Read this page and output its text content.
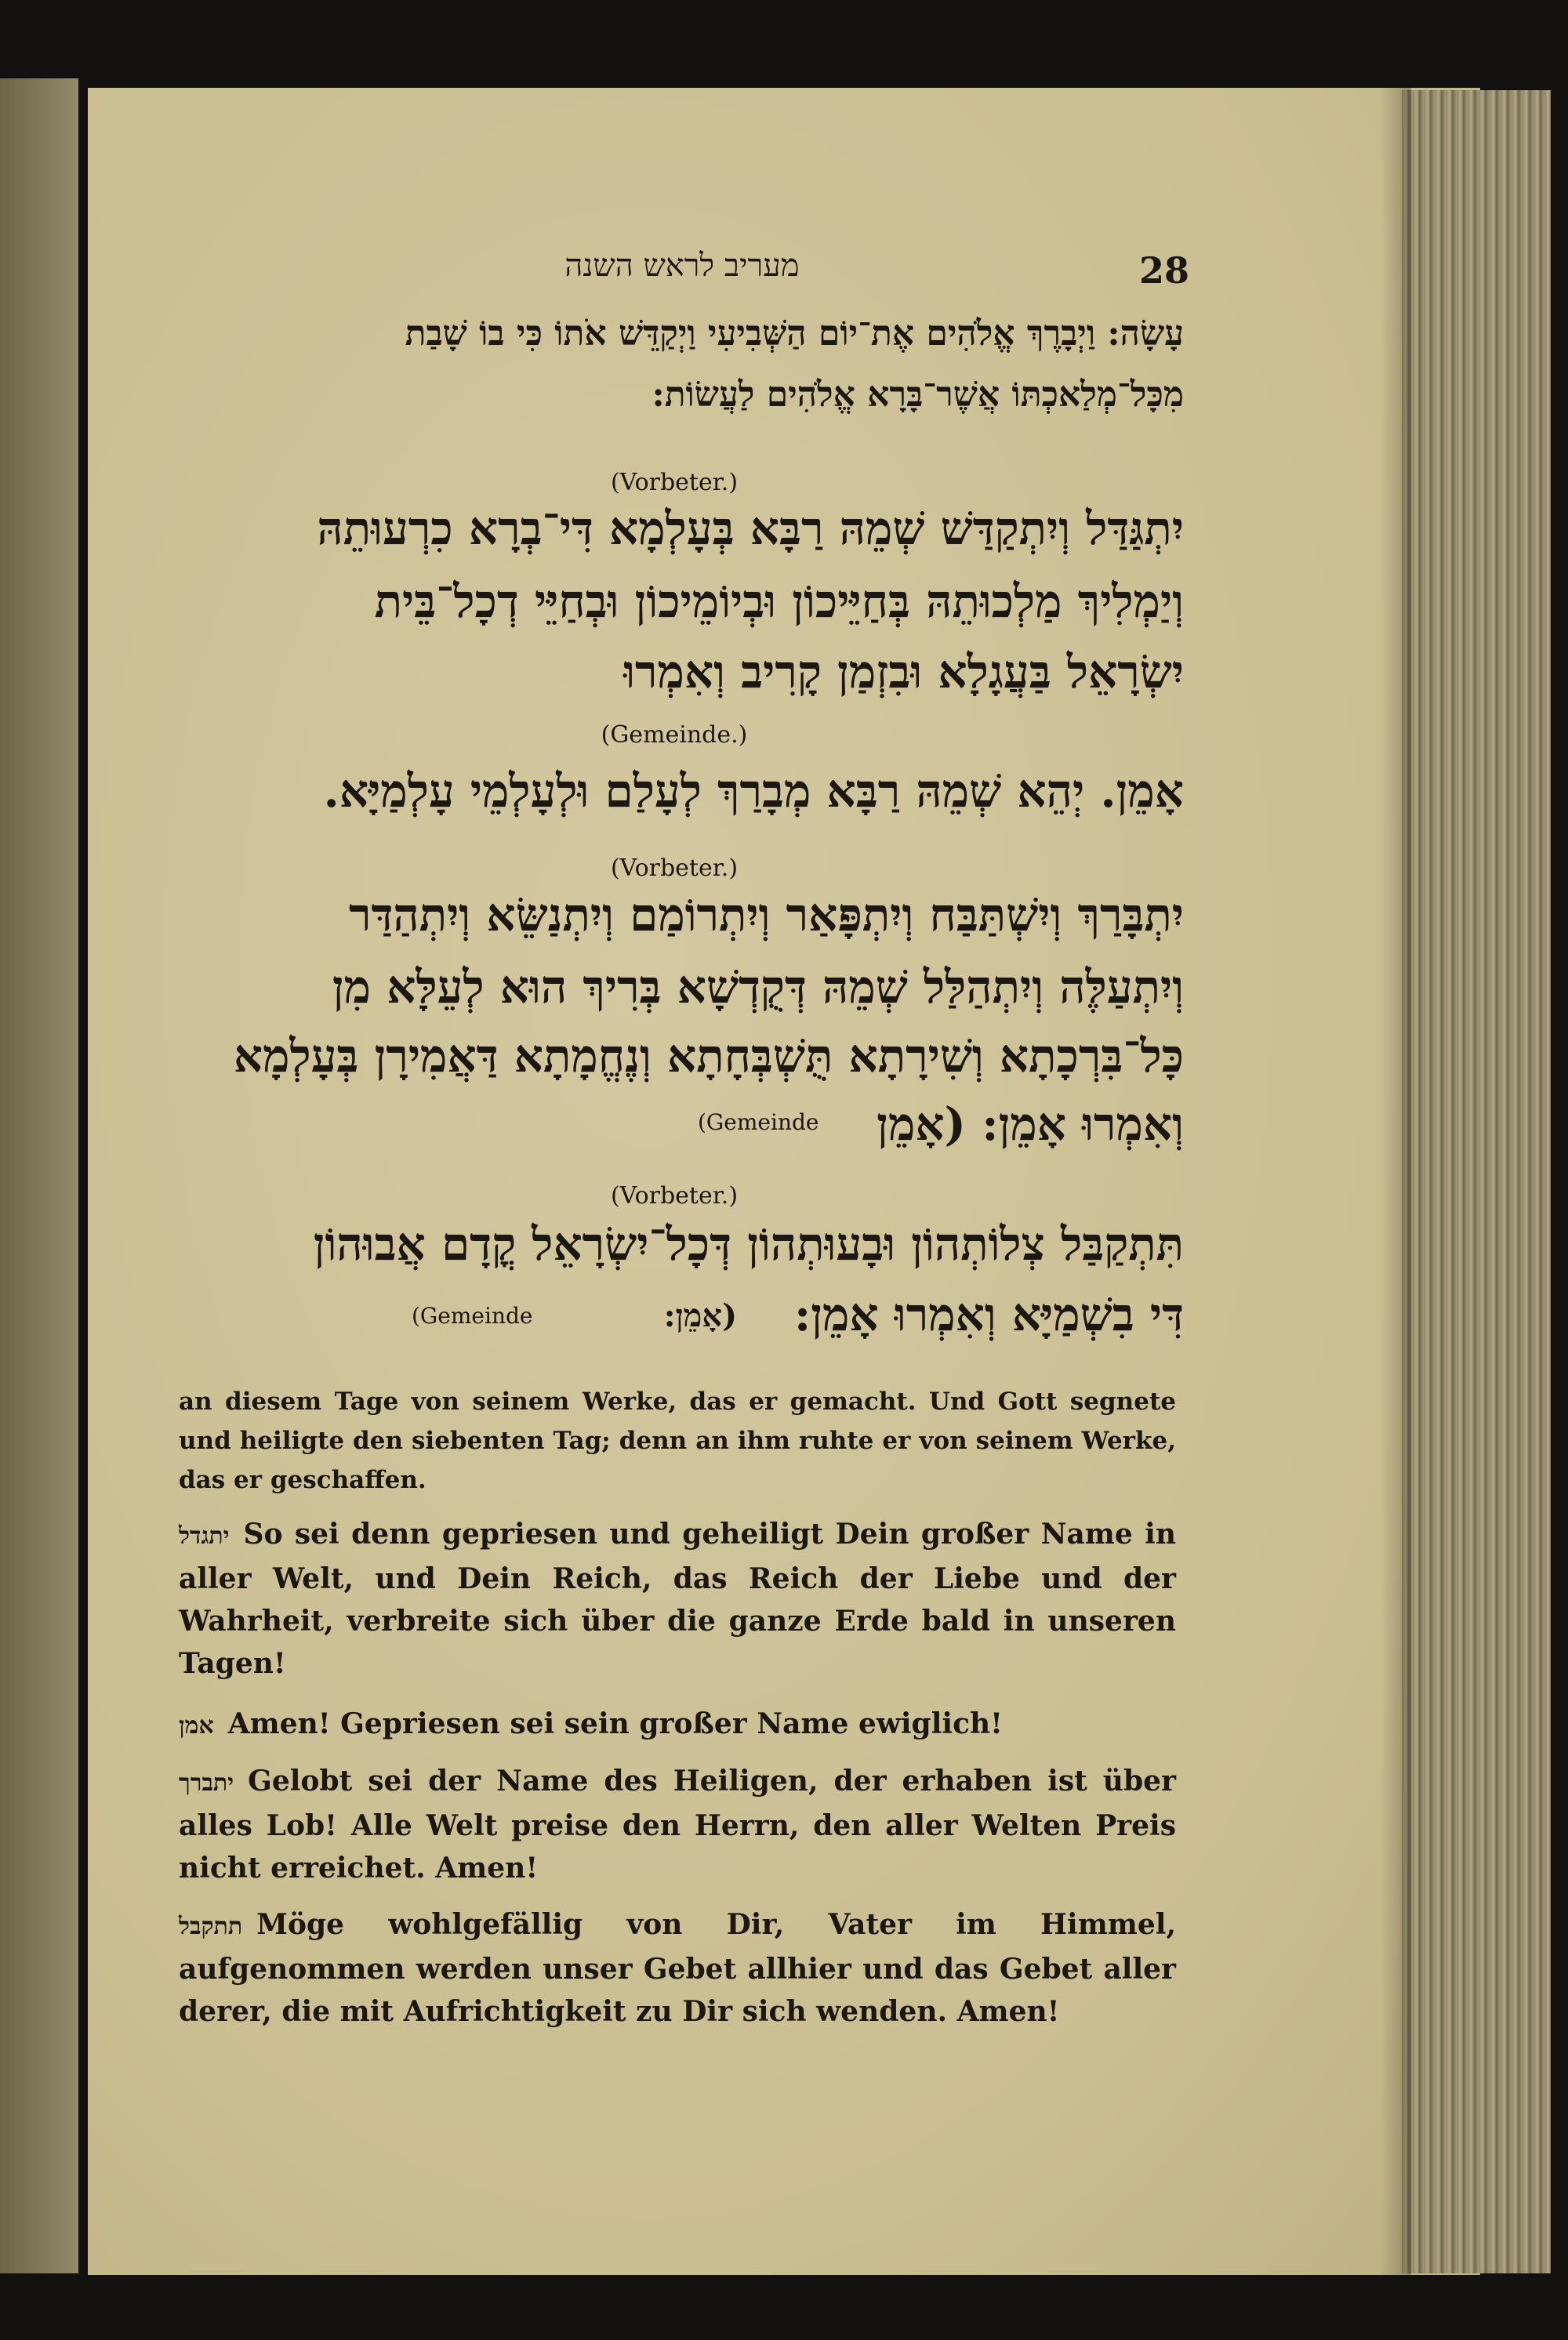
מעריב לראש השנה	28
עָשָׂה: וַיְבָרֶךְ אֱלֹהִים אֶת־יוֹם הַשְּׁבִיעִי וַיְקַדֵּשׁ אֹתוֹ כִּי בוֹ שָׁבַת
מִכָּל־מְלַאכְתּוֹ אֲשֶׁר־בָּרָא אֱלֹהִים לַעֲשׂוֹת:
(Vorbeter.)
יִתְגַּדַּל וְיִתְקַדַּשׁ שְׁמֵהּ רַבָּא בְּעָלְמָא דִּי־בְרָא כִרְעוּתֵהּ
וְיַמְלִיךְ מַלְכוּתֵהּ בְּחַיֵּיכוֹן וּבְיוֹמֵיכוֹן וּבְחַיֵּי דְכָל־בֵּית
יִשְׂרָאֵל בַּעֲגָלָא וּבִזְמַן קָרִיב וְאִמְרוּ
(Gemeinde.)
אָמֵן. יְהֵא שְׁמֵהּ רַבָּא מְבָרַךְ לְעָלַם וּלְעָלְמֵי עָלְמַיָּא.
(Vorbeter.)
יִתְבָּרַךְ וְיִשְׁתַּבַּח וְיִתְפָּאַר וְיִתְרוֹמַם וְיִתְנַשֵּׂא וְיִתְהַדַּר
וְיִתְעַלֶּה וְיִתְהַלַּל שְׁמֵהּ דְּקֻדְשָׁא בְּרִיךְ הוּא לְעֵלָּא מִן
כָּל־בִּרְכָתָא וְשִׁירָתָא תֻּשְׁבְּחָתָא וְנֶחֱמָתָא דַּאֲמִירָן בְּעָלְמָא
וְאִמְרוּ אָמֵן: (אָמֵן
(Gemeinde
(Vorbeter.)
תִּתְקַבַּל צְלוֹתְהוֹן וּבָעוּתְהוֹן דְּכָל־יִשְׂרָאֵל קֳדָם אֲבוּהוֹן
דִּי בִשְׁמַיָּא וְאִמְרוּ אָמֵן:
(אָמֵן:
(Gemeinde
an diesem Tage von seinem Werke, das er gemacht. Und Gott segnete und heiligte den siebenten Tag; denn an ihm ruhte er von seinem Werke, das er geschaffen.
יתגדל So sei denn gepriesen und geheiligt Dein großer Name in aller Welt, und Dein Reich, das Reich der Liebe und der Wahrheit, verbreite sich über die ganze Erde bald in unseren Tagen!
אמן Amen! Gepriesen sei sein großer Name ewiglich!
יתברך Gelobt sei der Name des Heiligen, der erhaben ist über alles Lob! Alle Welt preise den Herrn, den aller Welten Preis nicht erreichet. Amen!
תתקבל Möge wohlgefällig von Dir, Vater im Himmel, aufgenommen werden unser Gebet allhier und das Gebet aller derer, die mit Aufrichtigkeit zu Dir sich wenden. Amen!
